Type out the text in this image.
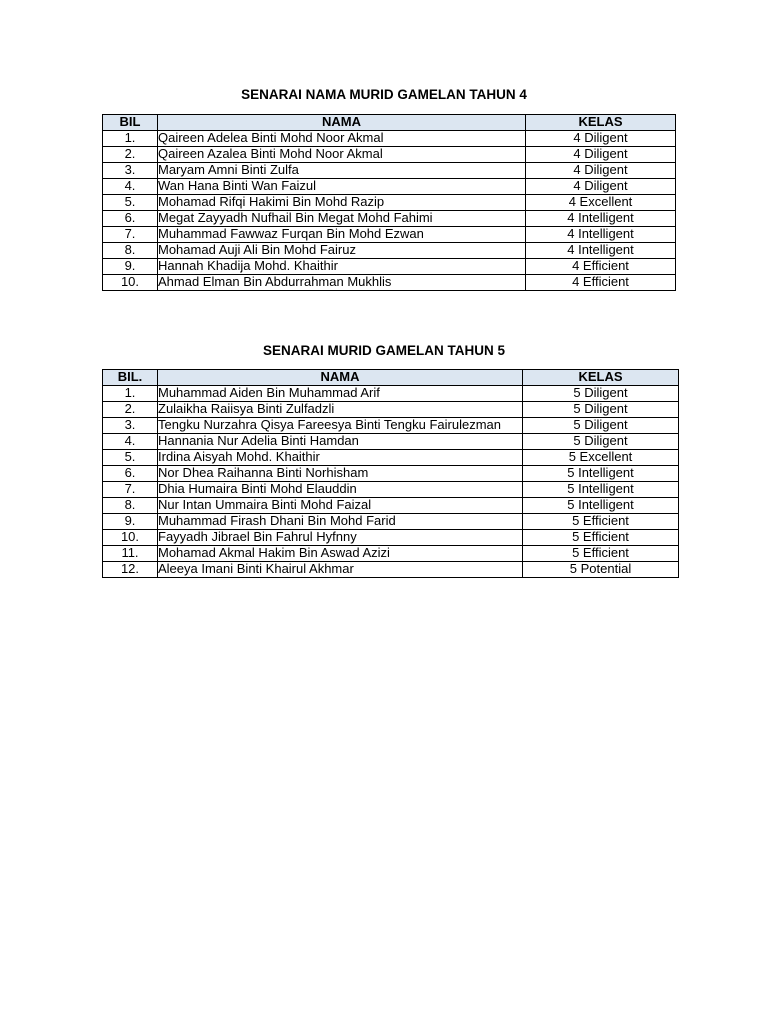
SENARAI NAMA MURID GAMELAN TAHUN 4
BIL	NAMA	KELAS
1.	Qaireen Adelea Binti Mohd Noor Akmal	4 Diligent
2.	Qaireen Azalea Binti Mohd Noor Akmal	4 Diligent
3.	Maryam Amni Binti Zulfa	4 Diligent
4.	Wan Hana Binti Wan Faizul	4 Diligent
5.	Mohamad Rifqi Hakimi Bin Mohd Razip	4 Excellent
6.	Megat Zayyadh Nufhail Bin Megat Mohd Fahimi	4 Intelligent
7.	Muhammad Fawwaz Furqan Bin Mohd Ezwan	4 Intelligent
8.	Mohamad Auji Ali Bin Mohd Fairuz	4 Intelligent
9.	Hannah Khadija Mohd. Khaithir	4 Efficient
10.	Ahmad Elman Bin Abdurrahman Mukhlis	4 Efficient
SENARAI MURID GAMELAN TAHUN 5
BIL.	NAMA	KELAS
1.	Muhammad Aiden Bin Muhammad Arif	5 Diligent
2.	Zulaikha Raiisya Binti Zulfadzli	5 Diligent
3.	Tengku Nurzahra Qisya Fareesya Binti Tengku Fairulezman	5 Diligent
4.	Hannania Nur Adelia Binti Hamdan	5 Diligent
5.	Irdina Aisyah Mohd. Khaithir	5 Excellent
6.	Nor Dhea Raihanna Binti Norhisham	5 Intelligent
7.	Dhia Humaira Binti Mohd Elauddin	5 Intelligent
8.	Nur Intan Ummaira Binti Mohd Faizal	5 Intelligent
9.	Muhammad Firash Dhani Bin Mohd Farid	5 Efficient
10.	Fayyadh Jibrael Bin Fahrul Hyfnny	5 Efficient
11.	Mohamad Akmal Hakim Bin Aswad Azizi	5 Efficient
12.	Aleeya Imani Binti Khairul Akhmar	5 Potential
